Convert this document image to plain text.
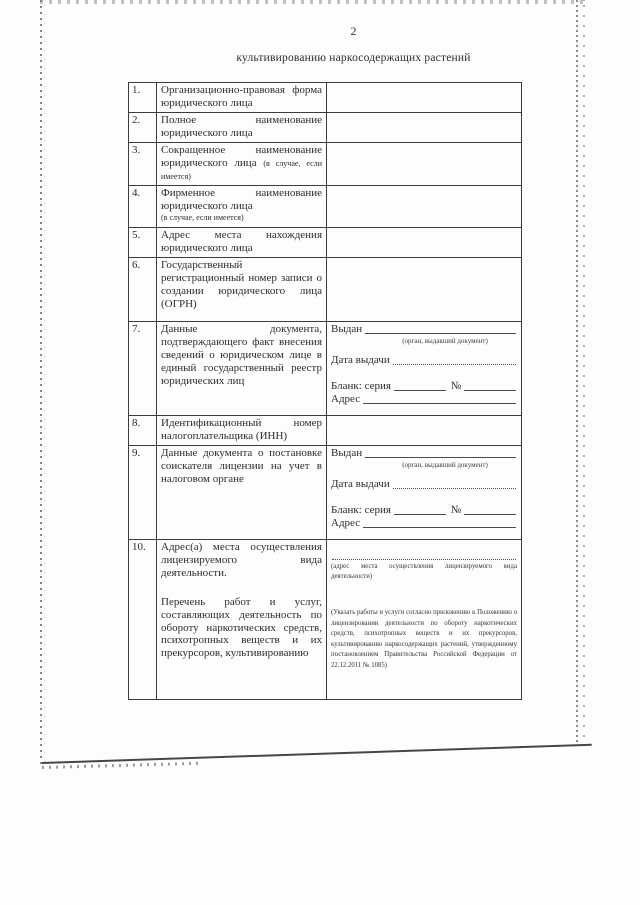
2
культивированию наркосодержащих растений
1.	Организационно-правовая форма юридического лица	
2.	Полное наименование юридического лица	
3.	Сокращенное наименование юридического лица (в случае, если имеется)	
4.	Фирменное наименование юридического лица
(в случае, если имеется)	

5.	Адрес места нахождения юридического лица	
6.	Государственный регистрационный номер записи о создании юридического лица (ОГРН)	
7.	Данные документа, подтверждающего факт внесения сведений о юридическом лице в единый государственный реестр юридических лиц	
Выдан
(орган, выдавший документ)
Дата выдачи
Бланк: серия	№
Адрес

8.	Идентификационный номер налогоплательщика (ИНН)	
9.	Данные документа о постановке соискателя лицензии на учет в налоговом органе	
Выдан
(орган, выдавший документ)
Дата выдачи
Бланк: серия	№
Адрес

10.	Адрес(а) места осуществления лицензируемого вида деятельности.

Перечень работ и услуг, составляющих деятельность по обороту наркотических средств, психотропных веществ и их прекурсоров, культивированию

(адрес места осуществления лицензируемого вида деятельности)
(Указать работы и услуги согласно приложению к Положению о лицензировании деятельности по обороту наркотических средств, психотропных веществ и их прекурсоров, культивированию наркосодержащих растений, утвержденному постановлением Правительства Российской Федерации от 22.12.2011 № 1085)
